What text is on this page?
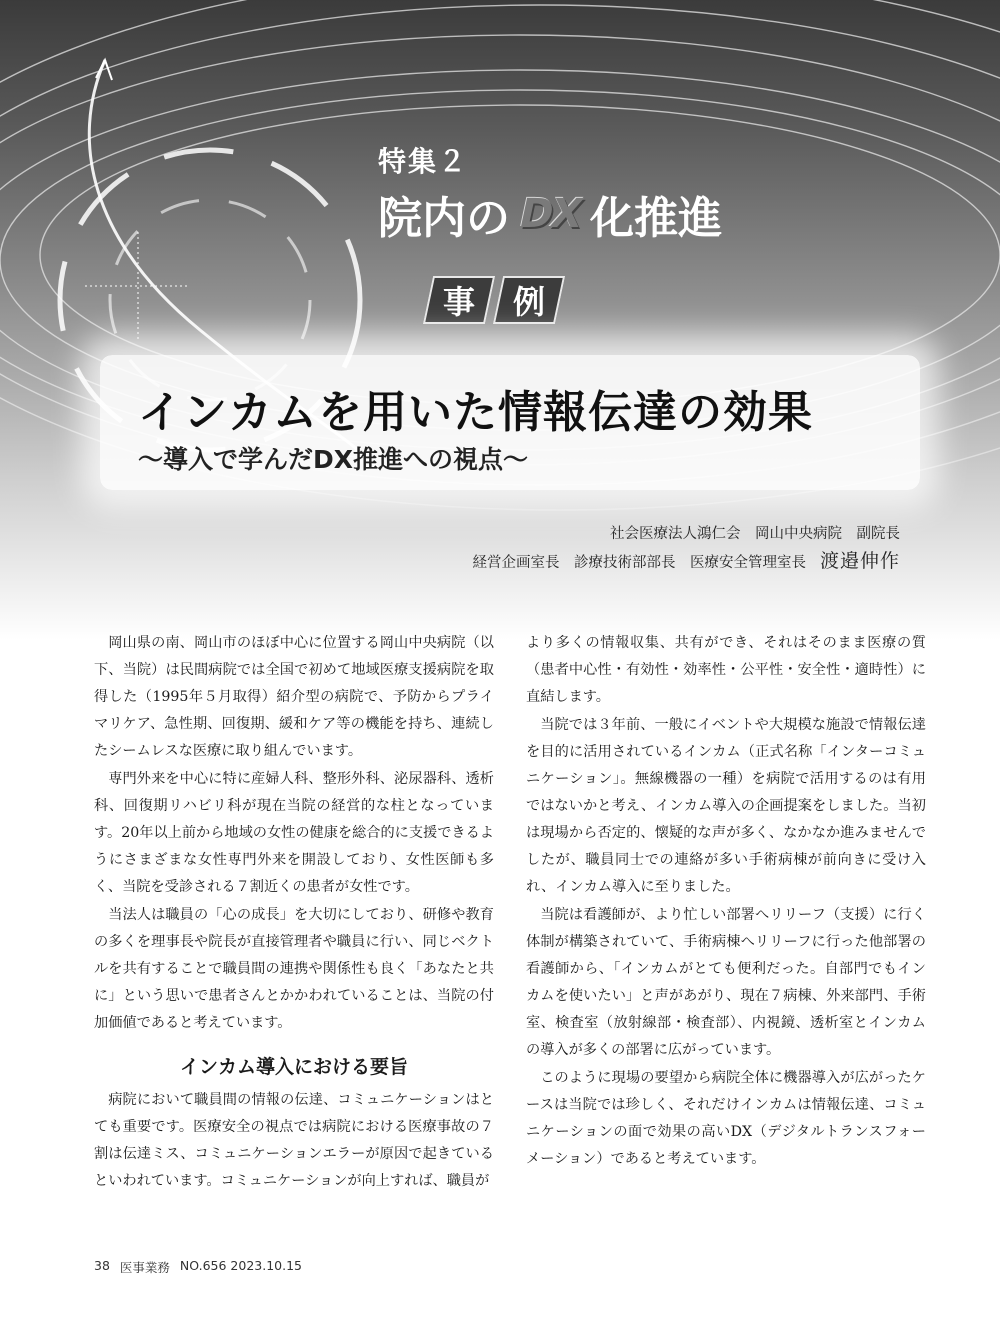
特集２
院内の DX 化推進
事 例
インカムを用いた情報伝達の効果
〜導入で学んだDX推進への視点〜
社会医療法人鴻仁会　岡山中央病院　副院長
経営企画室長　診療技術部部長　医療安全管理室長 渡邉伸作

岡山県の南、岡山市のほぼ中心に位置する岡山中央病院（以下、当院）は民間病院では全国で初めて地域医療支援病院を取得した（1995年５月取得）紹介型の病院で、予防からプライマリケア、急性期、回復期、緩和ケア等の機能を持ち、連続したシームレスな医療に取り組んでいます。

専門外来を中心に特に産婦人科、整形外科、泌尿器科、透析科、回復期リハビリ科が現在当院の経営的な柱となっています。20年以上前から地域の女性の健康を総合的に支援できるようにさまざまな女性専門外来を開設しており、女性医師も多く、当院を受診される７割近くの患者が女性です。

当法人は職員の「心の成長」を大切にしており、研修や教育の多くを理事長や院長が直接管理者や職員に行い、同じベクトルを共有することで職員間の連携や関係性も良く「あなたと共に」という思いで患者さんとかかわれていることは、当院の付加価値であると考えています。

インカム導入における要旨

病院において職員間の情報の伝達、コミュニケーションはとても重要です。医療安全の視点では病院における医療事故の７割は伝達ミス、コミュニケーションエラーが原因で起きているといわれています。コミュニケーションが向上すれば、職員が

より多くの情報収集、共有ができ、それはそのまま医療の質（患者中心性・有効性・効率性・公平性・安全性・適時性）に直結します。

当院では３年前、一般にイベントや大規模な施設で情報伝達を目的に活用されているインカム（正式名称「インターコミュニケーション」。無線機器の一種）を病院で活用するのは有用ではないかと考え、インカム導入の企画提案をしました。当初は現場から否定的、懐疑的な声が多く、なかなか進みませんでしたが、職員同士での連絡が多い手術病棟が前向きに受け入れ、インカム導入に至りました。

当院は看護師が、より忙しい部署へリリーフ（支援）に行く体制が構築されていて、手術病棟へリリーフに行った他部署の看護師から、「インカムがとても便利だった。自部門でもインカムを使いたい」と声があがり、現在７病棟、外来部門、手術室、検査室（放射線部・検査部）、内視鏡、透析室とインカムの導入が多くの部署に広がっています。

このように現場の要望から病院全体に機器導入が広がったケースは当院では珍しく、それだけインカムは情報伝達、コミュニケーションの面で効果の高いDX（デジタルトランスフォーメーション）であると考えています。

38 医事業務 NO.656 2023.10.15
